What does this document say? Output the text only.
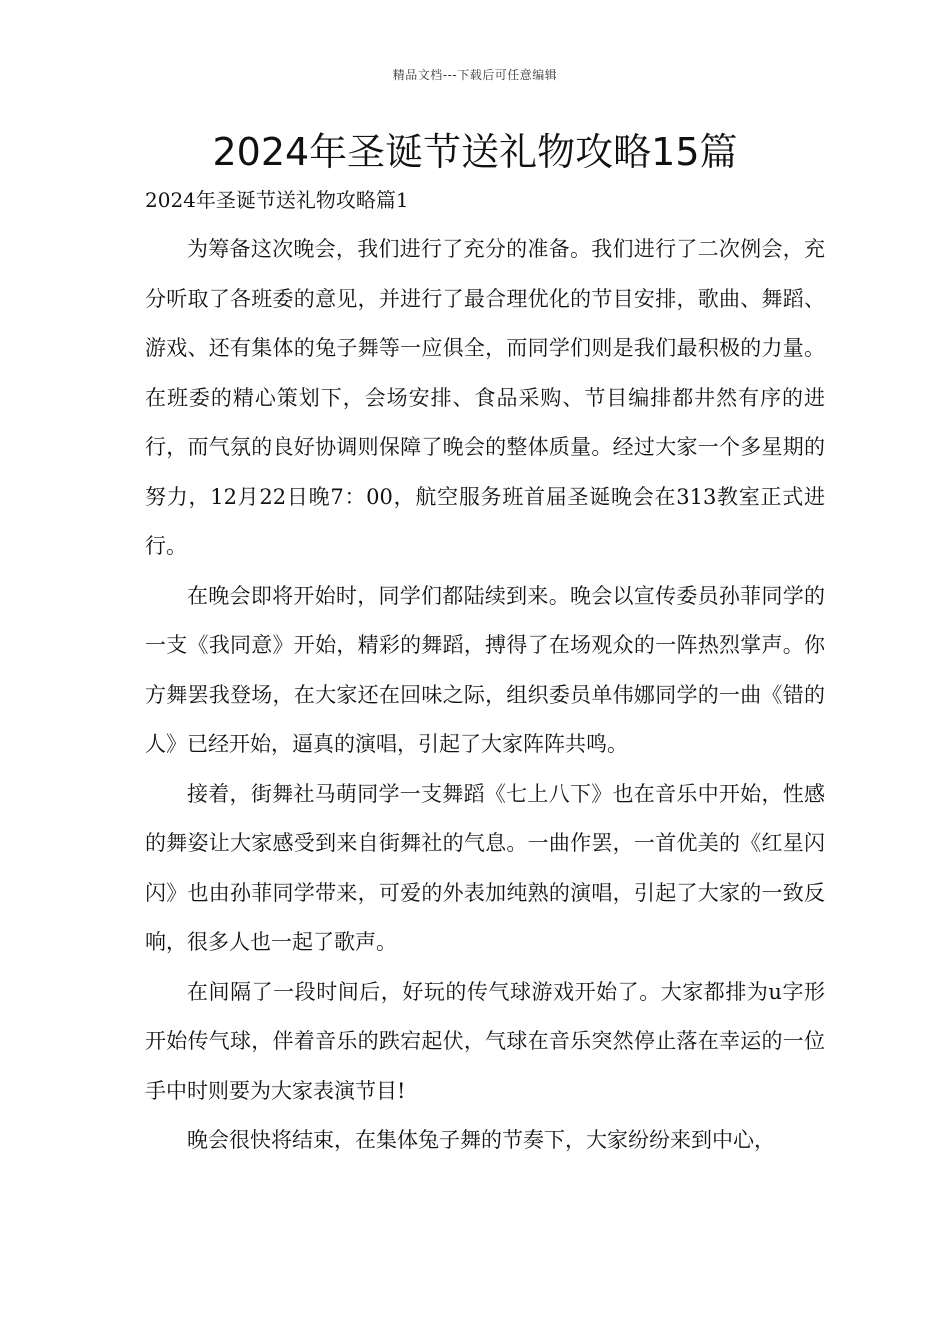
精品文档---下载后可任意编辑
2024年圣诞节送礼物攻略15篇
2024年圣诞节送礼物攻略篇1

为筹备这次晚会，我们进行了充分的准备。我们进行了二次例会，充分听取了各班委的意见，并进行了最合理优化的节目安排，歌曲、舞蹈、游戏、还有集体的兔子舞等一应俱全，而同学们则是我们最积极的力量。在班委的精心策划下，会场安排、食品采购、节目编排都井然有序的进行，而气氛的良好协调则保障了晚会的整体质量。经过大家一个多星期的努力，12月22日晚7：00，航空服务班首届圣诞晚会在313教室正式进行。

在晚会即将开始时，同学们都陆续到来。晚会以宣传委员孙菲同学的一支《我同意》开始，精彩的舞蹈，搏得了在场观众的一阵热烈掌声。你方舞罢我登场，在大家还在回味之际，组织委员单伟娜同学的一曲《错的人》已经开始，逼真的演唱，引起了大家阵阵共鸣。

接着，街舞社马萌同学一支舞蹈《七上八下》也在音乐中开始，性感的舞姿让大家感受到来自街舞社的气息。一曲作罢，一首优美的《红星闪闪》也由孙菲同学带来，可爱的外表加纯熟的演唱，引起了大家的一致反响，很多人也一起了歌声。

在间隔了一段时间后，好玩的传气球游戏开始了。大家都排为u字形开始传气球，伴着音乐的跌宕起伏，气球在音乐突然停止落在幸运的一位手中时则要为大家表演节目!

晚会很快将结束，在集体兔子舞的节奏下，大家纷纷来到中心，
